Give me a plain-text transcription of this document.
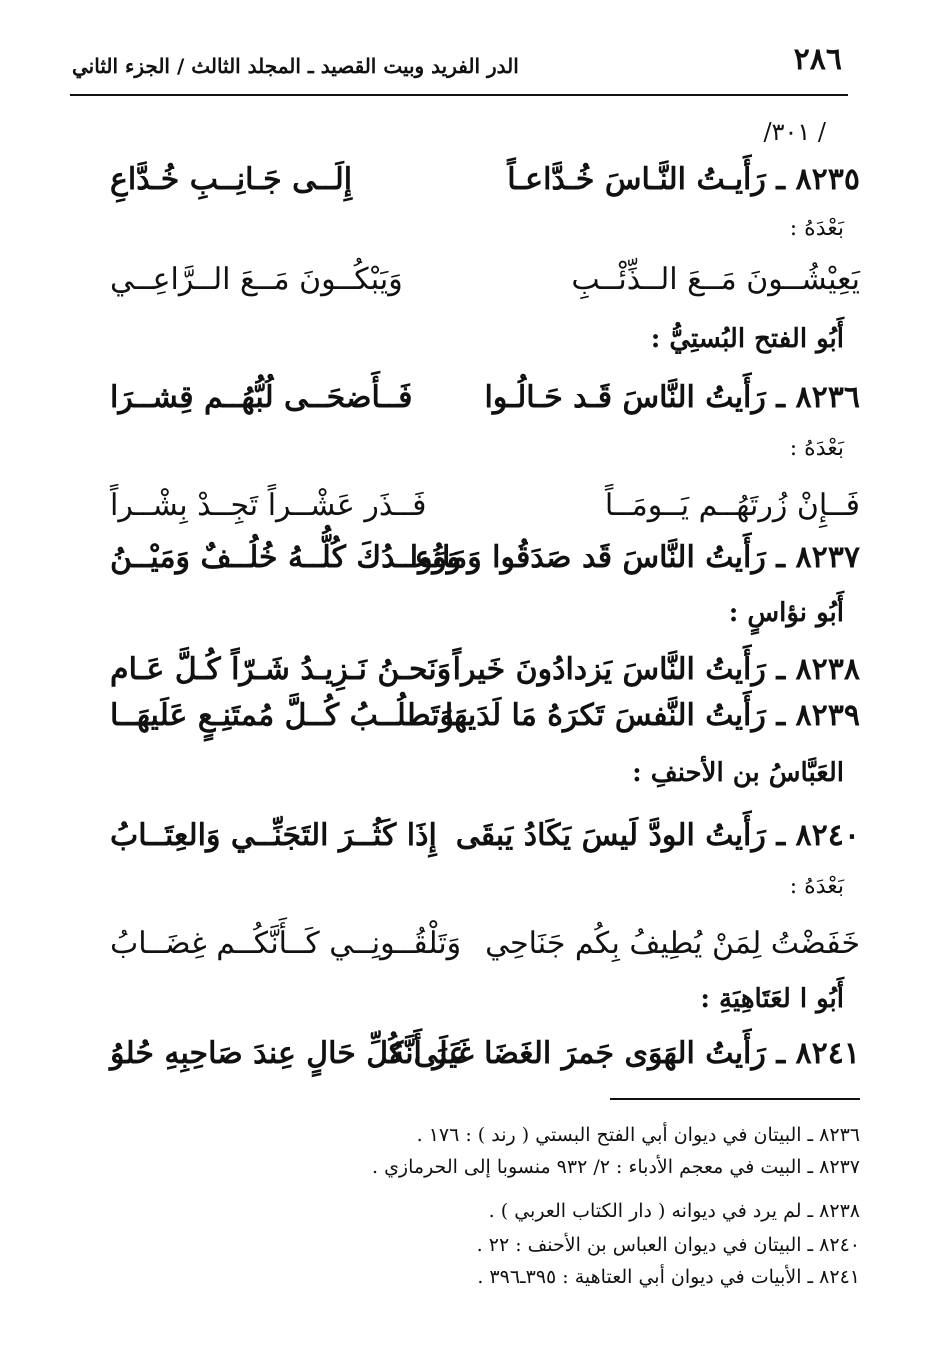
٢٨٦
الدر الفريد وبيت القصيد ـ المجلد الثالث / الجزء الثاني
/ ٣٠١/
٨٢٣٥ ـ رَأَيـتُ النَّـاسَ خُـدَّاعـاً
إِلَــى جَـانِــبِ خُـدَّاعِ
بَعْدَهُ :
يَعِيْشُــونَ مَــعَ الــذِّئْــبِ
وَيَبْكُــونَ مَــعَ الــرَّاعِــي
أَبُو الفتح البُستِيُّ :
٨٢٣٦ ـ رَأَيتُ النَّاسَ قَـد حَـالُـوا
فَــأَضحَــى لُبُّهُــم قِشــرَا
بَعْدَهُ :
فَــإِنْ زُرتَهُــم يَــومَــاً
فَــذَر عَشْــراً تَجِــدْ بِشْــراً
٨٢٣٧ ـ رَأَيتُ النَّاسَ قَد صَدَقُوا وَمَانُوا
وَوَعــدُكَ كُلُّــهُ خُلُــفٌ وَمَيْــنُ
أَبُو نؤاسٍ :
٨٢٣٨ ـ رَأَيتُ النَّاسَ يَزدادُونَ خَيراً
وَنَحـنُ نَـزِيـدُ شَـرّاً كُـلَّ عَـام
٨٢٣٩ ـ رَأَيتُ النَّفسَ تَكرَهُ مَا لَدَيهَا
وَتَطلُــبُ كُــلَّ مُمتَنِـعٍ عَلَيهَــا
العَبَّاسُ بن الأحنفِ :
٨٢٤٠ ـ رَأَيتُ الودَّ لَيسَ يَكَادُ يَبقَى
إِذَا كَثُــرَ التَجَنِّــي وَالعِتَــابُ
بَعْدَهُ :
خَفَضْتُ لِمَنْ يُطِيفُ بِكُم جَنَاحِي
وَتَلْقُــونِــي كَــأَنَّكُــم غِضَــابُ
أَبُو ا لعَتَاهِيَةِ :
٨٢٤١ ـ رَأَيتُ الهَوَى جَمرَ الغَضَا غَيرَ أَنَّهُ
عَلَى كُلِّ حَالٍ عِندَ صَاحِبِهِ حُلوُ
٨٢٣٦ ـ البيتان في ديوان أبي الفتح البستي ( رند ) : ١٧٦ .
٨٢٣٧ ـ البيت في معجم الأدباء : ٢/ ٩٣٢ منسوبا إلى الحرمازي .
٨٢٣٨ ـ لم يرد في ديوانه ( دار الكتاب العربي ) .
٨٢٤٠ ـ البيتان في ديوان العباس بن الأحنف : ٢٢ .
٨٢٤١ ـ الأبيات في ديوان أبي العتاهية : ٣٩٥ـ٣٩٦ .
